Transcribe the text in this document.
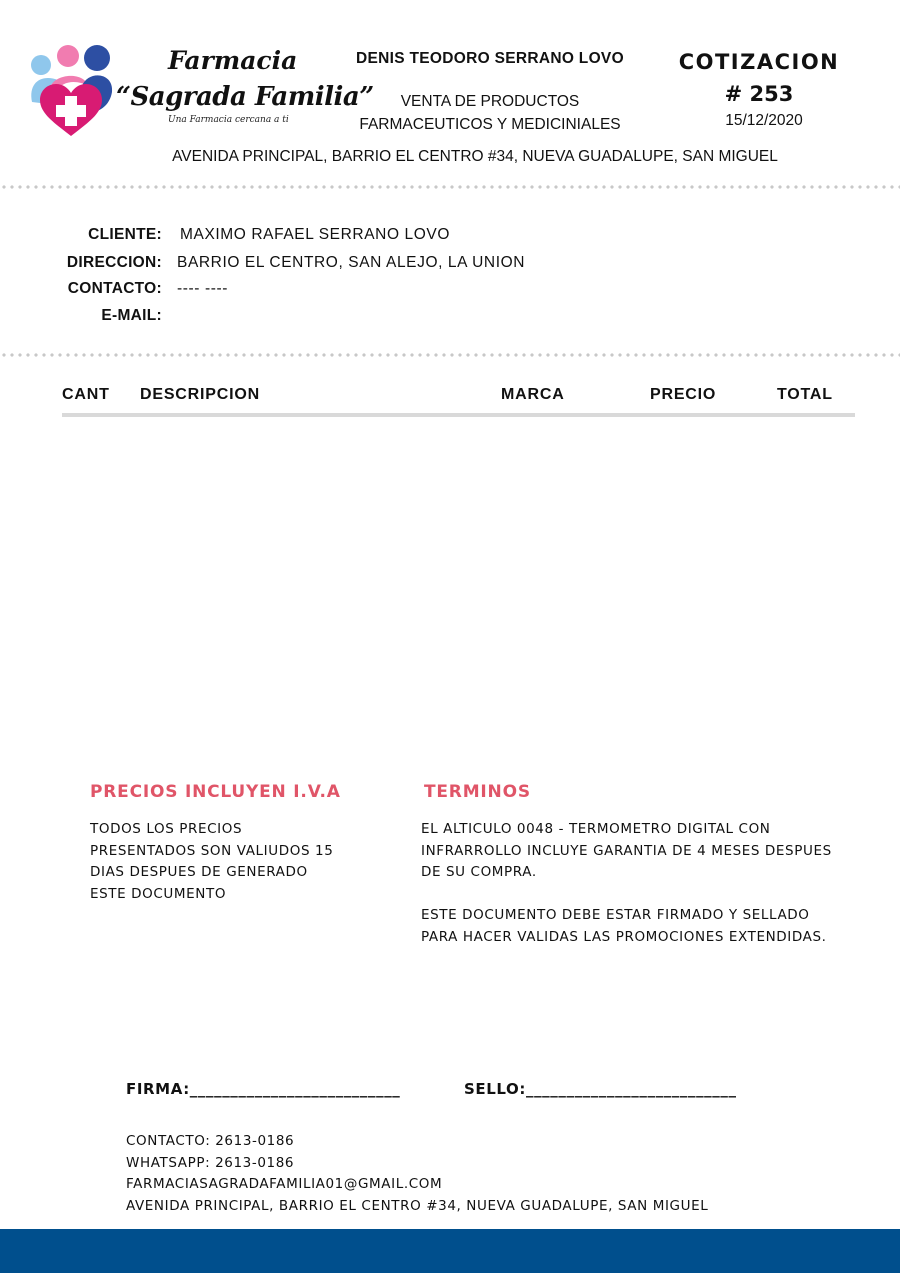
Farmacia
“Sagrada Familia”
Una Farmacia cercana a ti
DENIS TEODORO SERRANO LOVO
VENTA DE PRODUCTOS
FARMACEUTICOS Y MEDICINIALES
COTIZACION
# 253
15/12/2020
AVENIDA PRINCIPAL, BARRIO EL CENTRO #34, NUEVA GUADALUPE, SAN MIGUEL
CLIENTE: MAXIMO RAFAEL SERRANO LOVO
DIRECCION: BARRIO EL CENTRO, SAN ALEJO, LA UNION
CONTACTO: ---- ----
E-MAIL:
CANT DESCRIPCION	MARCA	PRECIO	TOTAL
PRECIOS INCLUYEN I.V.A
TODOS LOS PRECIOS
PRESENTADOS SON VALIUDOS 15
DIAS DESPUES DE GENERADO
ESTE DOCUMENTO
TERMINOS
EL ALTICULO 0048 - TERMOMETRO DIGITAL CON
INFRARROLLO INCLUYE GARANTIA DE 4 MESES DESPUES
DE SU COMPRA.

ESTE DOCUMENTO DEBE ESTAR FIRMADO Y SELLADO
PARA HACER VALIDAS LAS PROMOCIONES EXTENDIDAS.
FIRMA:__________________________	SELLO:__________________________
CONTACTO: 2613-0186
WHATSAPP: 2613-0186
FARMACIASAGRADAFAMILIA01@GMAIL.COM
AVENIDA PRINCIPAL, BARRIO EL CENTRO #34, NUEVA GUADALUPE, SAN MIGUEL
